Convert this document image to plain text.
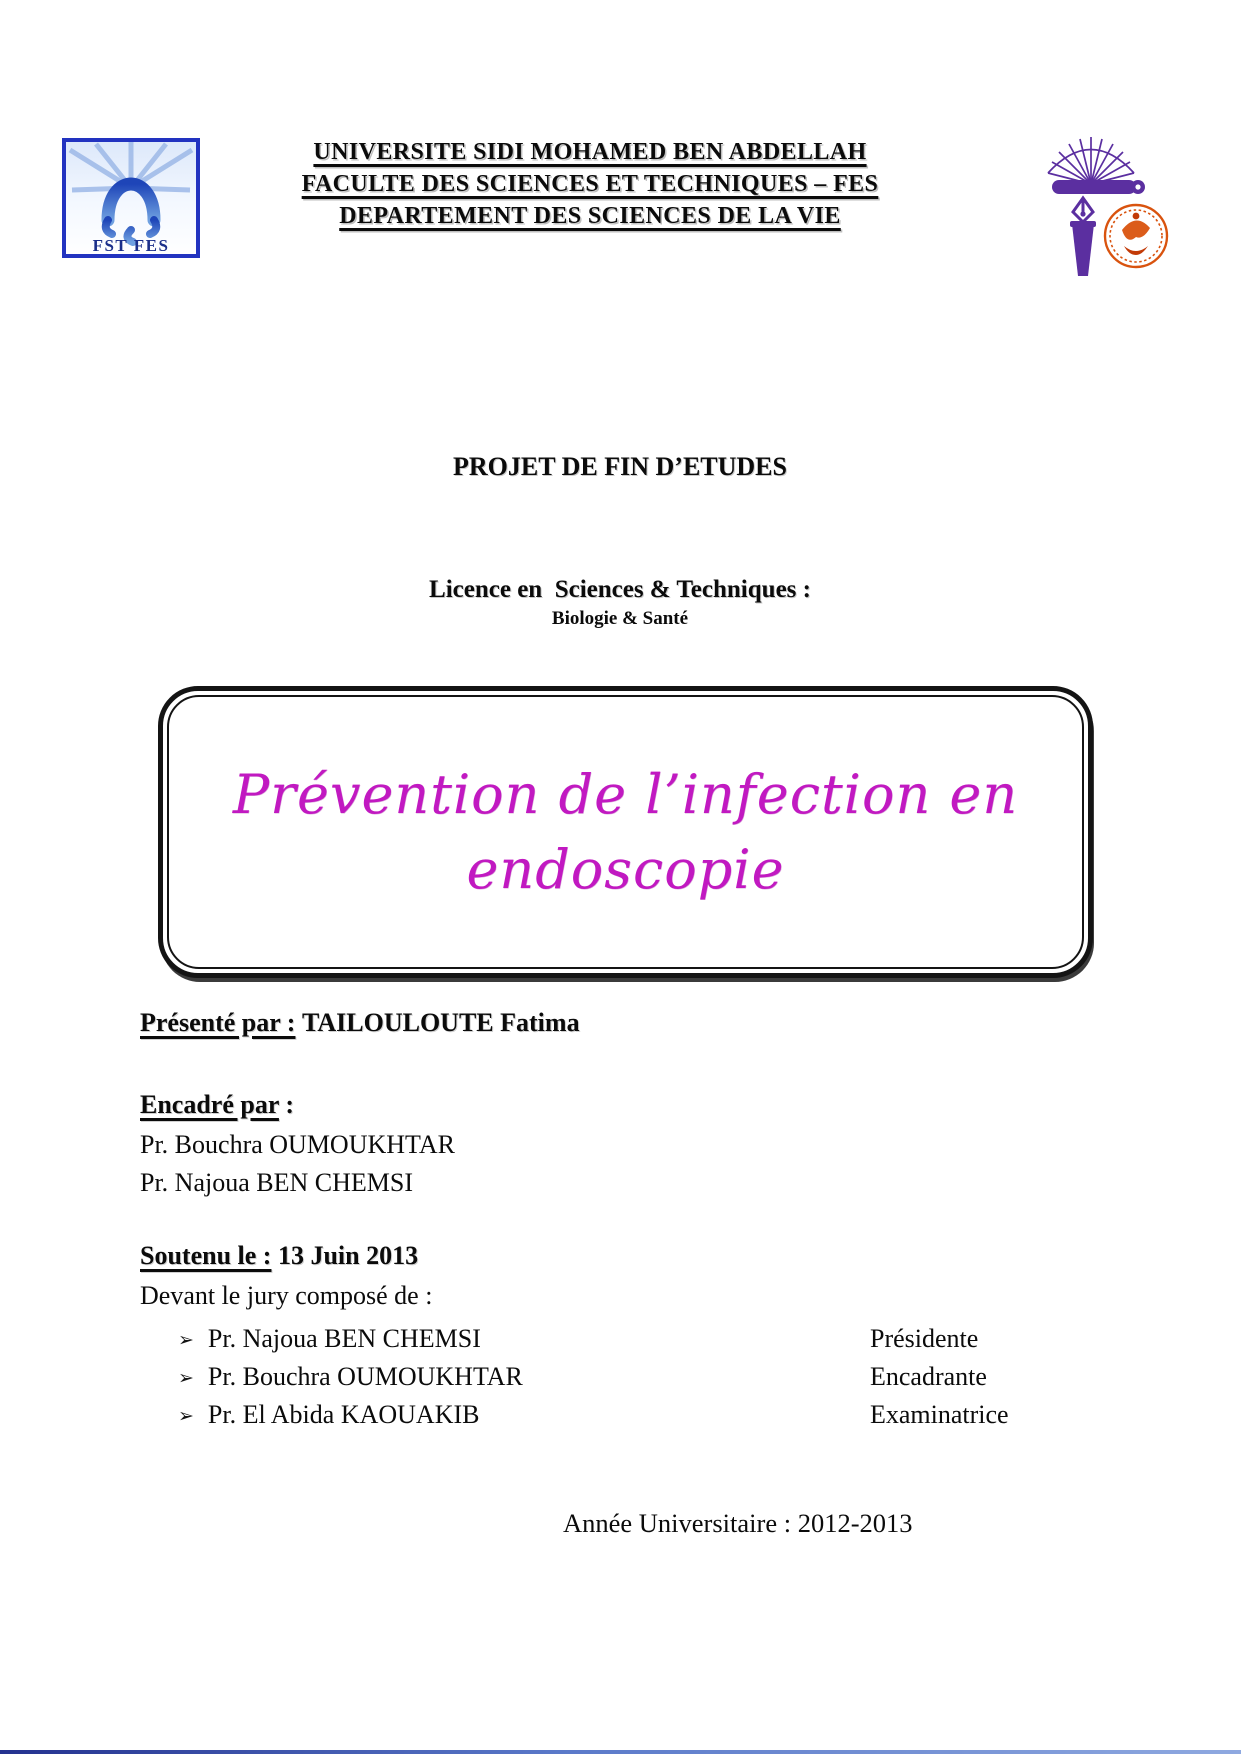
FST FES
UNIVERSITE SIDI MOHAMED BEN ABDELLAH
FACULTE DES SCIENCES ET TECHNIQUES – FES
DEPARTEMENT DES SCIENCES DE LA VIE
PROJET DE FIN D’ETUDES
Licence en  Sciences & Techniques :
Biologie & Santé
Prévention de l’infection en
endoscopie
Présenté par : TAILOULOUTE Fatima
Encadré par :
Pr. Bouchra OUMOUKHTAR
Pr. Najoua BEN CHEMSI
Soutenu le : 13 Juin 2013
Devant le jury composé de :
➢ Pr. Najoua BEN CHEMSI	Présidente
➢ Pr. Bouchra OUMOUKHTAR	Encadrante
➢ Pr. El Abida KAOUAKIB	Examinatrice
Année Universitaire : 2012-2013
